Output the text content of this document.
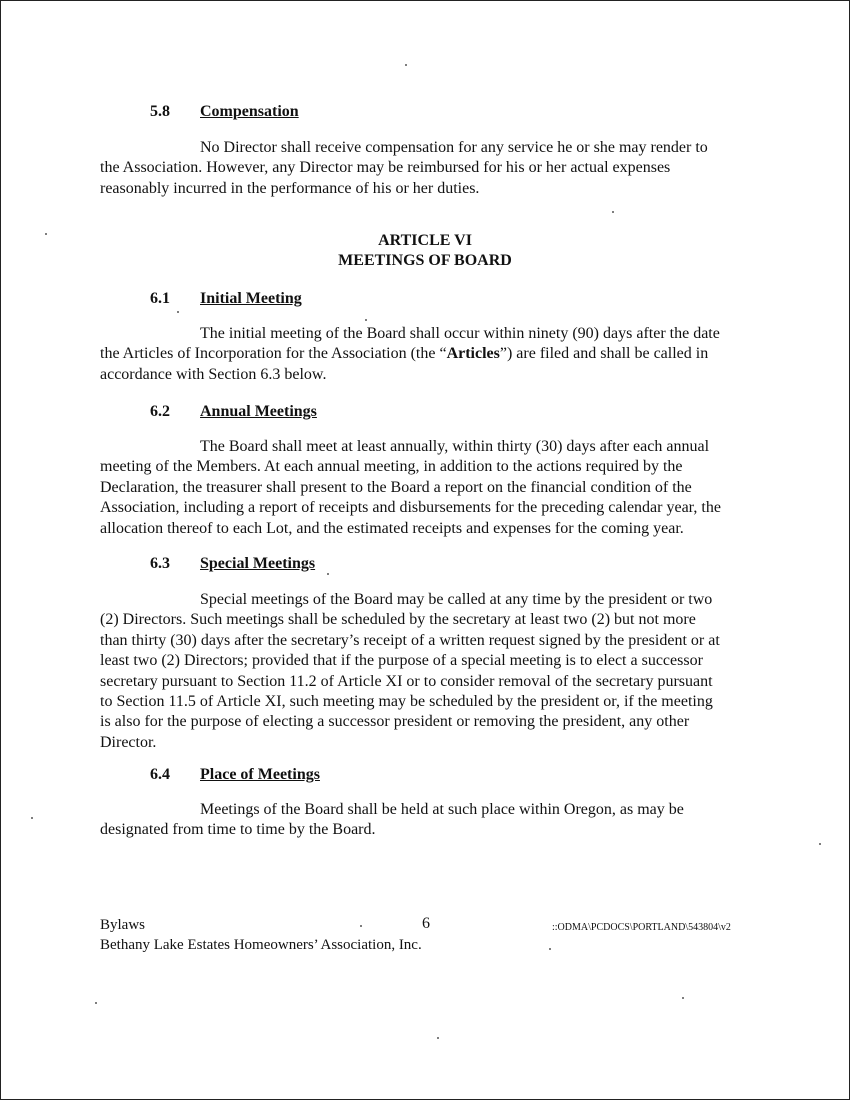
5.8 Compensation
No Director shall receive compensation for any service he or she may render to
the Association. However, any Director may be reimbursed for his or her actual expenses
reasonably incurred in the performance of his or her duties.
ARTICLE VI
MEETINGS OF BOARD
6.1 Initial Meeting
The initial meeting of the Board shall occur within ninety (90) days after the date
the Articles of Incorporation for the Association (the “Articles”) are filed and shall be called in
accordance with Section 6.3 below.
6.2 Annual Meetings
The Board shall meet at least annually, within thirty (30) days after each annual
meeting of the Members. At each annual meeting, in addition to the actions required by the
Declaration, the treasurer shall present to the Board a report on the financial condition of the
Association, including a report of receipts and disbursements for the preceding calendar year, the
allocation thereof to each Lot, and the estimated receipts and expenses for the coming year.
6.3 Special Meetings
Special meetings of the Board may be called at any time by the president or two
(2) Directors. Such meetings shall be scheduled by the secretary at least two (2) but not more
than thirty (30) days after the secretary’s receipt of a written request signed by the president or at
least two (2) Directors; provided that if the purpose of a special meeting is to elect a successor
secretary pursuant to Section 11.2 of Article XI or to consider removal of the secretary pursuant
to Section 11.5 of Article XI, such meeting may be scheduled by the president or, if the meeting
is also for the purpose of electing a successor president or removing the president, any other
Director.
6.4 Place of Meetings
Meetings of the Board shall be held at such place within Oregon, as may be
designated from time to time by the Board.
Bylaws
Bethany Lake Estates Homeowners’ Association, Inc.
6	::ODMA\PCDOCS\PORTLAND\543804\v2
